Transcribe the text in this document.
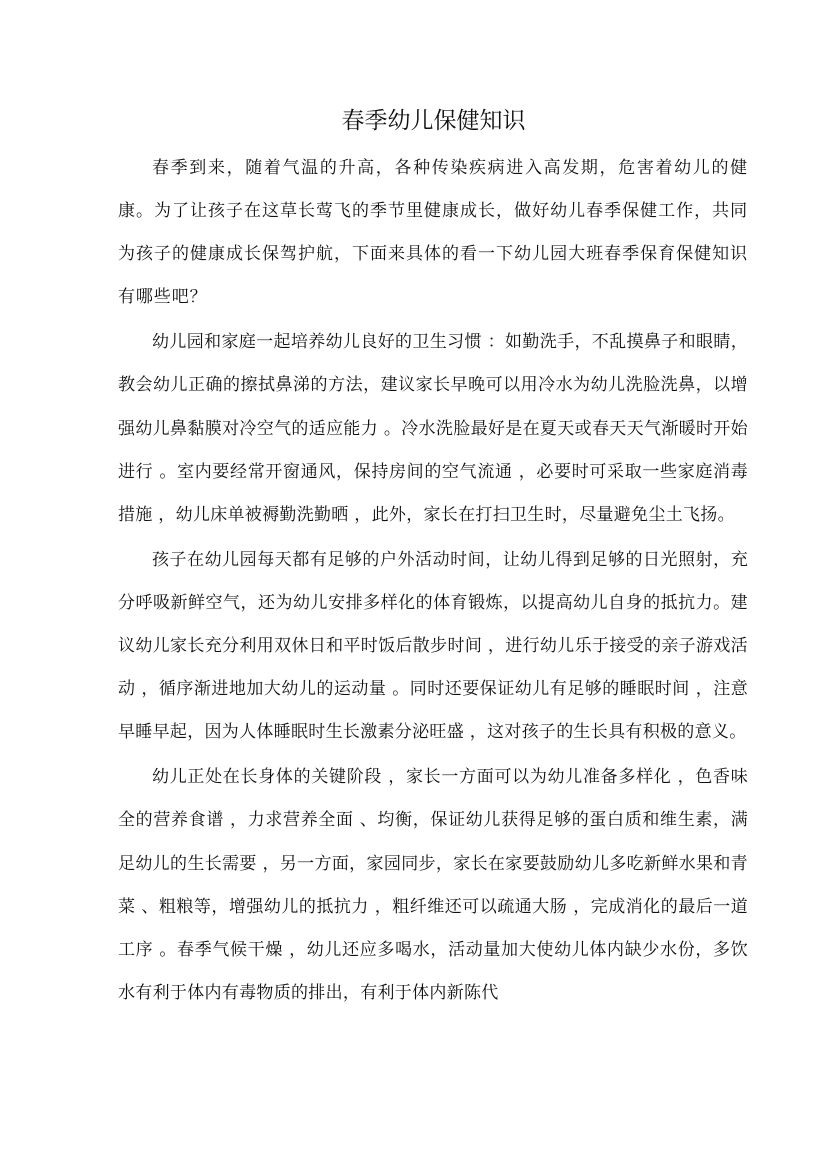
春季幼儿保健知识

春季到来，随着气温的升高，各种传染疾病进入高发期，危害着幼儿的健康。为了让孩子在这草长莺飞的季节里健康成长，做好幼儿春季保健工作，共同为孩子的健康成长保驾护航，下面来具体的看一下幼儿园大班春季保育保健知识有哪些吧？

幼儿园和家庭一起培养幼儿良好的卫生习惯 ：如勤洗手，不乱摸鼻子和眼睛，教会幼儿正确的擦拭鼻涕的方法，建议家长早晚可以用冷水为幼儿洗脸洗鼻，以增强幼儿鼻黏膜对冷空气的适应能力 。冷水洗脸最好是在夏天或春天天气渐暖时开始进行 。室内要经常开窗通风，保持房间的空气流通 ，必要时可采取一些家庭消毒措施 ，幼儿床单被褥勤洗勤晒 ，此外，家长在打扫卫生时，尽量避免尘土飞扬。

孩子在幼儿园每天都有足够的户外活动时间，让幼儿得到足够的日光照射，充分呼吸新鲜空气，还为幼儿安排多样化的体育锻炼，以提高幼儿自身的抵抗力。建议幼儿家长充分利用双休日和平时饭后散步时间 ，进行幼儿乐于接受的亲子游戏活动 ，循序渐进地加大幼儿的运动量 。同时还要保证幼儿有足够的睡眠时间 ，注意早睡早起，因为人体睡眠时生长激素分泌旺盛 ，这对孩子的生长具有积极的意义。

幼儿正处在长身体的关键阶段 ，家长一方面可以为幼儿准备多样化 ，色香味全的营养食谱 ，力求营养全面 、均衡，保证幼儿获得足够的蛋白质和维生素，满足幼儿的生长需要 ，另一方面，家园同步，家长在家要鼓励幼儿多吃新鲜水果和青菜 、粗粮等，增强幼儿的抵抗力 ，粗纤维还可以疏通大肠 ，完成消化的最后一道工序 。春季气候干燥 ，幼儿还应多喝水，活动量加大使幼儿体内缺少水份，多饮水有利于体内有毒物质的排出，有利于体内新陈代
